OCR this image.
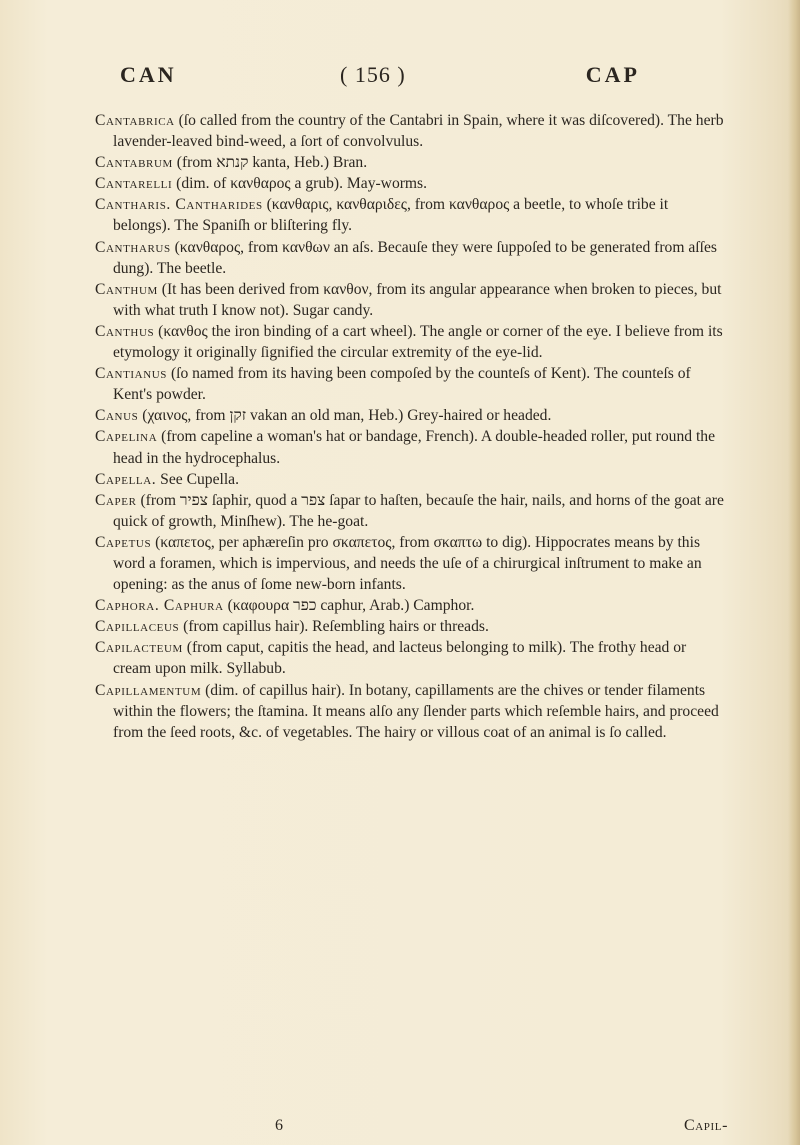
CAN	( 156 )	CAP

Cantabrica (ſo called from the country of the Cantabri in Spain, where it was diſcovered). The herb lavender-leaved bind-weed, a ſort of convolvulus.

Cantabrum (from קנתא kanta, Heb.) Bran.

Cantarelli (dim. of κανθαρος a grub). May-worms.

Cantharis. Cantharides (κανθαρις, κανθαριδες, from κανθαρος a beetle, to whoſe tribe it belongs). The Spaniſh or bliſtering fly.

Cantharus (κανθαρος, from κανθων an aſs. Becauſe they were ſuppoſed to be generated from aſſes dung). The beetle.

Canthum (It has been derived from κανθον, from its angular appearance when broken to pieces, but with what truth I know not). Sugar candy.

Canthus (κανθος the iron binding of a cart wheel). The angle or corner of the eye. I believe from its etymology it originally ſignified the circular extremity of the eye-lid.

Cantianus (ſo named from its having been compoſed by the counteſs of Kent). The counteſs of Kent's powder.

Canus (χαινος, from זקן vakan an old man, Heb.) Grey-haired or headed.

Capelina (from capeline a woman's hat or bandage, French). A double-headed roller, put round the head in the hydrocephalus.

Capella. See Cupella.

Caper (from צפיר ſaphir, quod a צפר ſapar to haſten, becauſe the hair, nails, and horns of the goat are quick of growth, Minſhew). The he-goat.

Capetus (καπετος, per aphæreſin pro σκαπετος, from σκαπτω to dig). Hippocrates means by this word a foramen, which is impervious, and needs the uſe of a chirurgical inſtrument to make an opening: as the anus of ſome new-born infants.

Caphora. Caphura (καφουρα כפר caphur, Arab.) Camphor.

Capillaceus (from capillus hair). Reſembling hairs or threads.

Capilacteum (from caput, capitis the head, and lacteus belonging to milk). The frothy head or cream upon milk. Syllabub.

Capillamentum (dim. of capillus hair). In botany, capillaments are the chives or tender filaments within the flowers; the ſtamina. It means alſo any ſlender parts which reſemble hairs, and proceed from the ſeed roots, &c. of vegetables. The hairy or villous coat of an animal is ſo called.

6	Capil-
